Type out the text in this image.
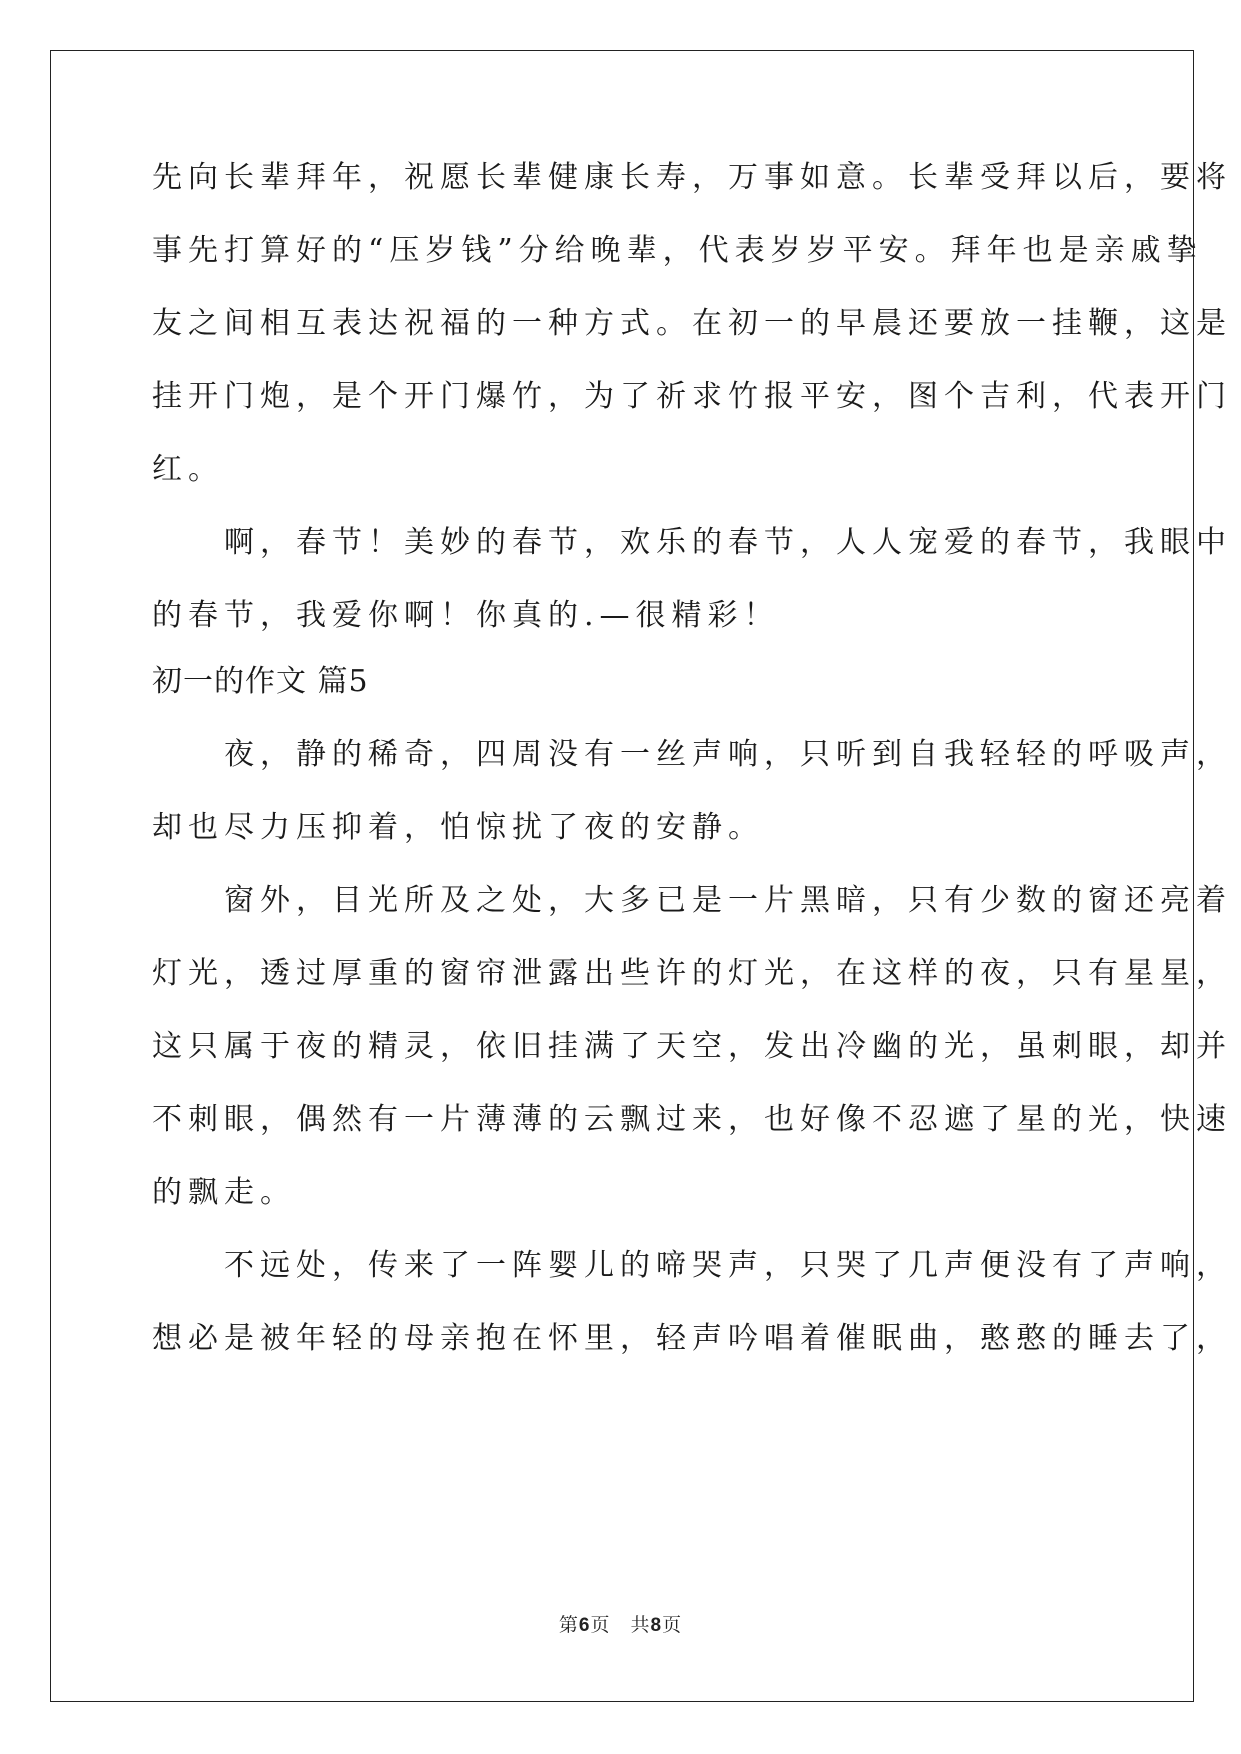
先向长辈拜年，祝愿长辈健康长寿，万事如意。长辈受拜以后，要将
事先打算好的“压岁钱”分给晚辈，代表岁岁平安。拜年也是亲戚挚
友之间相互表达祝福的一种方式。在初一的早晨还要放一挂鞭，这是
挂开门炮，是个开门爆竹，为了祈求竹报平安，图个吉利，代表开门
红。
　　啊，春节！美妙的春节，欢乐的春节，人人宠爱的春节，我眼中
的春节，我爱你啊！你真的.—很精彩！
初一的作文 篇5
　　夜，静的稀奇，四周没有一丝声响，只听到自我轻轻的呼吸声，
却也尽力压抑着，怕惊扰了夜的安静。
　　窗外，目光所及之处，大多已是一片黑暗，只有少数的窗还亮着
灯光，透过厚重的窗帘泄露出些许的灯光，在这样的夜，只有星星，
这只属于夜的精灵，依旧挂满了天空，发出冷幽的光，虽刺眼，却并
不刺眼，偶然有一片薄薄的云飘过来，也好像不忍遮了星的光，快速
的飘走。
　　不远处，传来了一阵婴儿的啼哭声，只哭了几声便没有了声响，
想必是被年轻的母亲抱在怀里，轻声吟唱着催眠曲，憨憨的睡去了，
第6页　共8页
